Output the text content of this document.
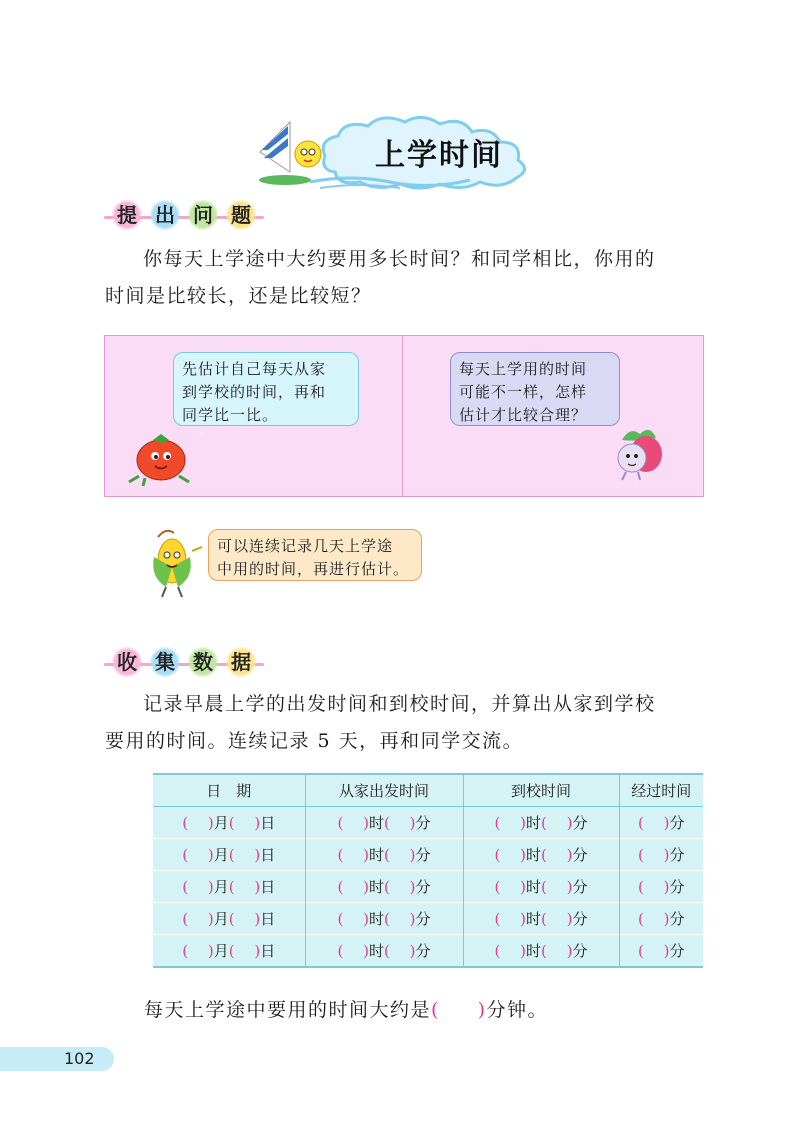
上学时间
提 出 问 题
你每天上学途中大约要用多长时间？和同学相比，你用的
时间是比较长，还是比较短？
先估计自己每天从家
到学校的时间，再和
同学比一比。
每天上学用的时间
可能不一样，怎样
估计才比较合理？
可以连续记录几天上学途
中用的时间，再进行估计。
收 集 数 据
记录早晨上学的出发时间和到校时间，并算出从家到学校
要用的时间。连续记录 5 天，再和同学交流。
日　期	从家出发时间	到校时间	经过时间
(  )月(  )日	(  )时(  )分	(  )时(  )分	(  )分
(  )月(  )日	(  )时(  )分	(  )时(  )分	(  )分
(  )月(  )日	(  )时(  )分	(  )时(  )分	(  )分
(  )月(  )日	(  )时(  )分	(  )时(  )分	(  )分
(  )月(  )日	(  )时(  )分	(  )时(  )分	(  )分
每天上学途中要用的时间大约是(     )分钟。
102
